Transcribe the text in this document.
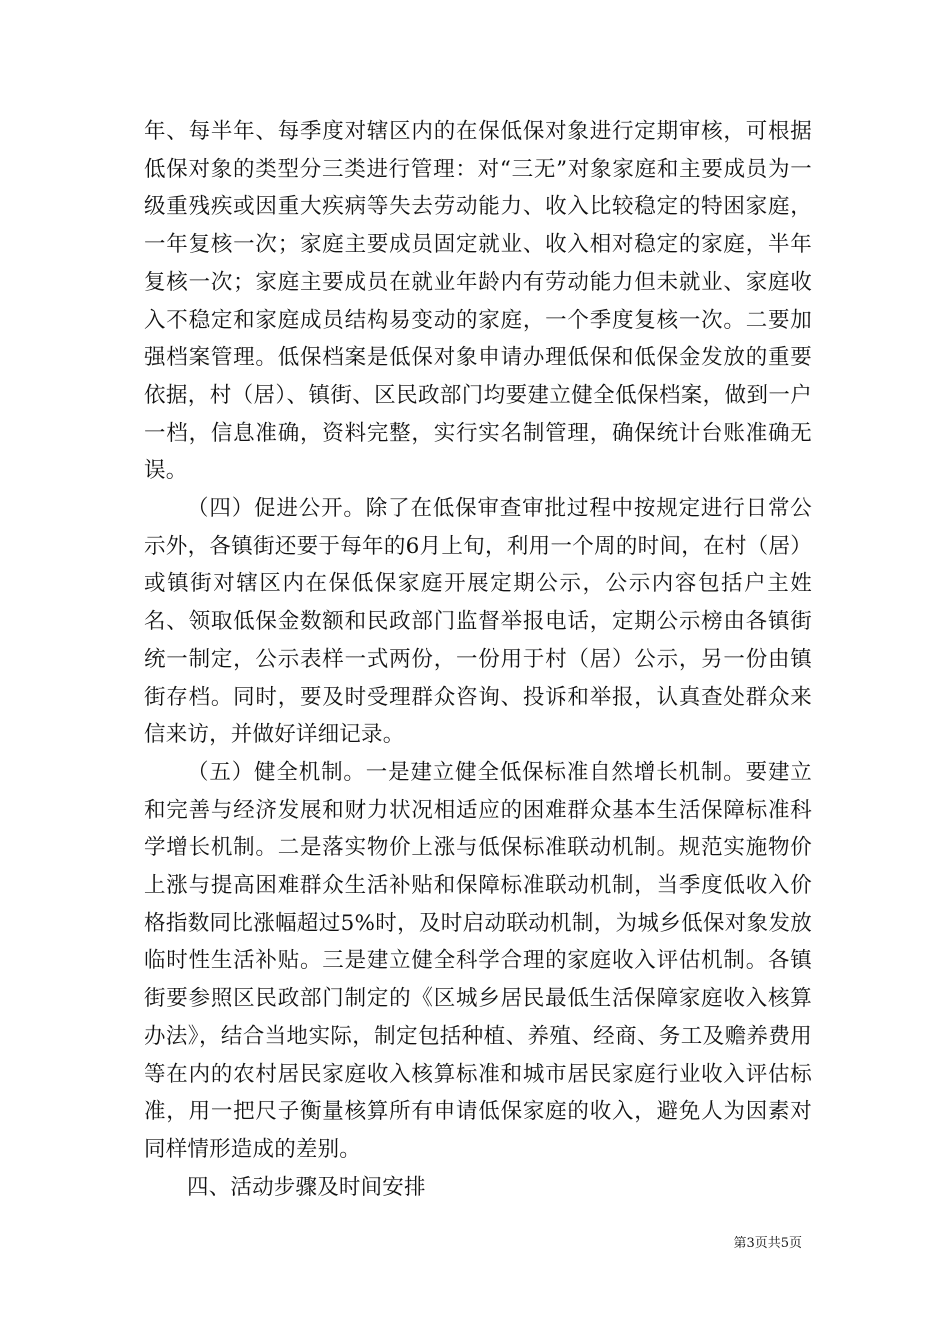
年、每半年、每季度对辖区内的在保低保对象进行定期审核，可根据低保对象的类型分三类进行管理：对“三无”对象家庭和主要成员为一级重残疾或因重大疾病等失去劳动能力、收入比较稳定的特困家庭，一年复核一次；家庭主要成员固定就业、收入相对稳定的家庭，半年复核一次；家庭主要成员在就业年龄内有劳动能力但未就业、家庭收入不稳定和家庭成员结构易变动的家庭，一个季度复核一次。二要加强档案管理。低保档案是低保对象申请办理低保和低保金发放的重要依据，村（居）、镇街、区民政部门均要建立健全低保档案，做到一户一档，信息准确，资料完整，实行实名制管理，确保统计台账准确无误。

（四）促进公开。除了在低保审查审批过程中按规定进行日常公示外，各镇街还要于每年的6月上旬，利用一个周的时间，在村（居）或镇街对辖区内在保低保家庭开展定期公示，公示内容包括户主姓名、领取低保金数额和民政部门监督举报电话，定期公示榜由各镇街统一制定，公示表样一式两份，一份用于村（居）公示，另一份由镇街存档。同时，要及时受理群众咨询、投诉和举报，认真查处群众来信来访，并做好详细记录。

（五）健全机制。一是建立健全低保标准自然增长机制。要建立和完善与经济发展和财力状况相适应的困难群众基本生活保障标准科学增长机制。二是落实物价上涨与低保标准联动机制。规范实施物价上涨与提高困难群众生活补贴和保障标准联动机制，当季度低收入价格指数同比涨幅超过5%时，及时启动联动机制，为城乡低保对象发放临时性生活补贴。三是建立健全科学合理的家庭收入评估机制。各镇街要参照区民政部门制定的《区城乡居民最低生活保障家庭收入核算办法》，结合当地实际，制定包括种植、养殖、经商、务工及赡养费用等在内的农村居民家庭收入核算标准和城市居民家庭行业收入评估标准，用一把尺子衡量核算所有申请低保家庭的收入，避免人为因素对同样情形造成的差别。

四、活动步骤及时间安排

第3页共5页
